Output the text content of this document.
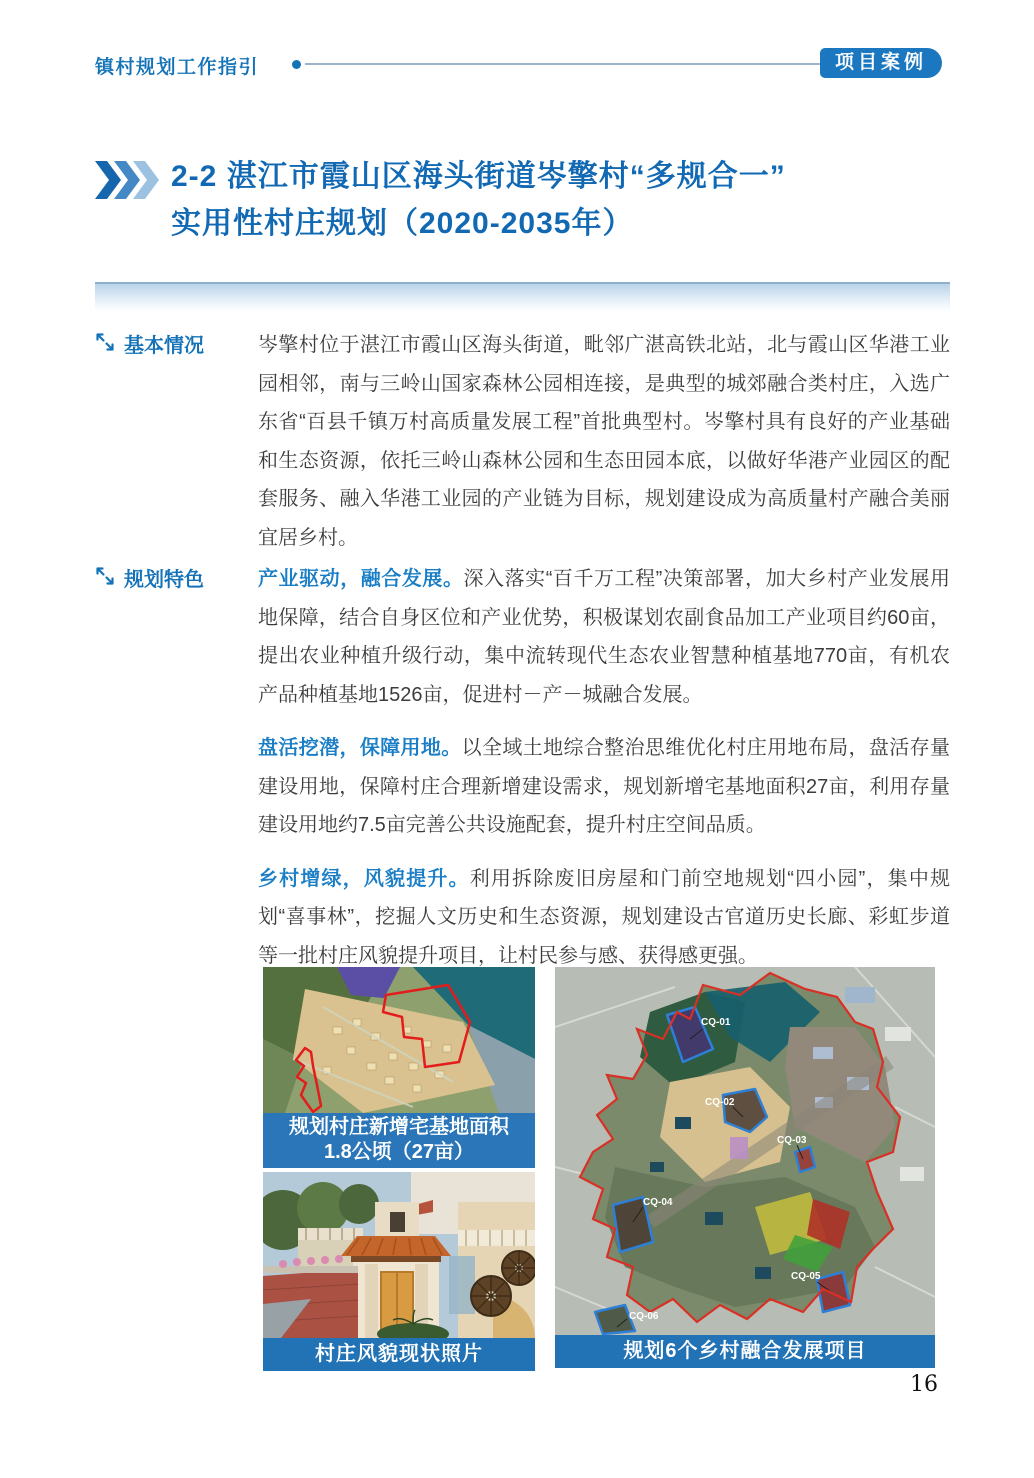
镇村规划工作指引	项目案例
2-2 湛江市霞山区海头街道岑擎村“多规合一”
实用性村庄规划（2020-2035年）
基本情况	岑擎村位于湛江市霞山区海头街道，毗邻广湛高铁北站，北与霞山区华港工业园相邻，南与三岭山国家森林公园相连接，是典型的城郊融合类村庄，入选广东省“百县千镇万村高质量发展工程”首批典型村。岑擎村具有良好的产业基础和生态资源，依托三岭山森林公园和生态田园本底，以做好华港产业园区的配套服务、融入华港工业园的产业链为目标，规划建设成为高质量村产融合美丽宜居乡村。

规划特色	产业驱动，融合发展。深入落实“百千万工程”决策部署，加大乡村产业发展用地保障，结合自身区位和产业优势，积极谋划农副食品加工产业项目约60亩，提出农业种植升级行动，集中流转现代生态农业智慧种植基地770亩，有机农产品种植基地1526亩，促进村－产－城融合发展。

盘活挖潜，保障用地。以全域土地综合整治思维优化村庄用地布局，盘活存量建设用地，保障村庄合理新增建设需求，规划新增宅基地面积27亩，利用存量建设用地约7.5亩完善公共设施配套，提升村庄空间品质。

乡村增绿，风貌提升。利用拆除废旧房屋和门前空地规划“四小园”，集中规划“喜事林”，挖掘人文历史和生态资源，规划建设古官道历史长廊、彩虹步道等一批村庄风貌提升项目，让村民参与感、获得感更强。

规划村庄新增宅基地面积
1.8公顷（27亩）
村庄风貌现状照片
CQ-01
CQ-02
CQ-03
CQ-04
CQ-05
CQ-06
规划6个乡村融合发展项目
16
